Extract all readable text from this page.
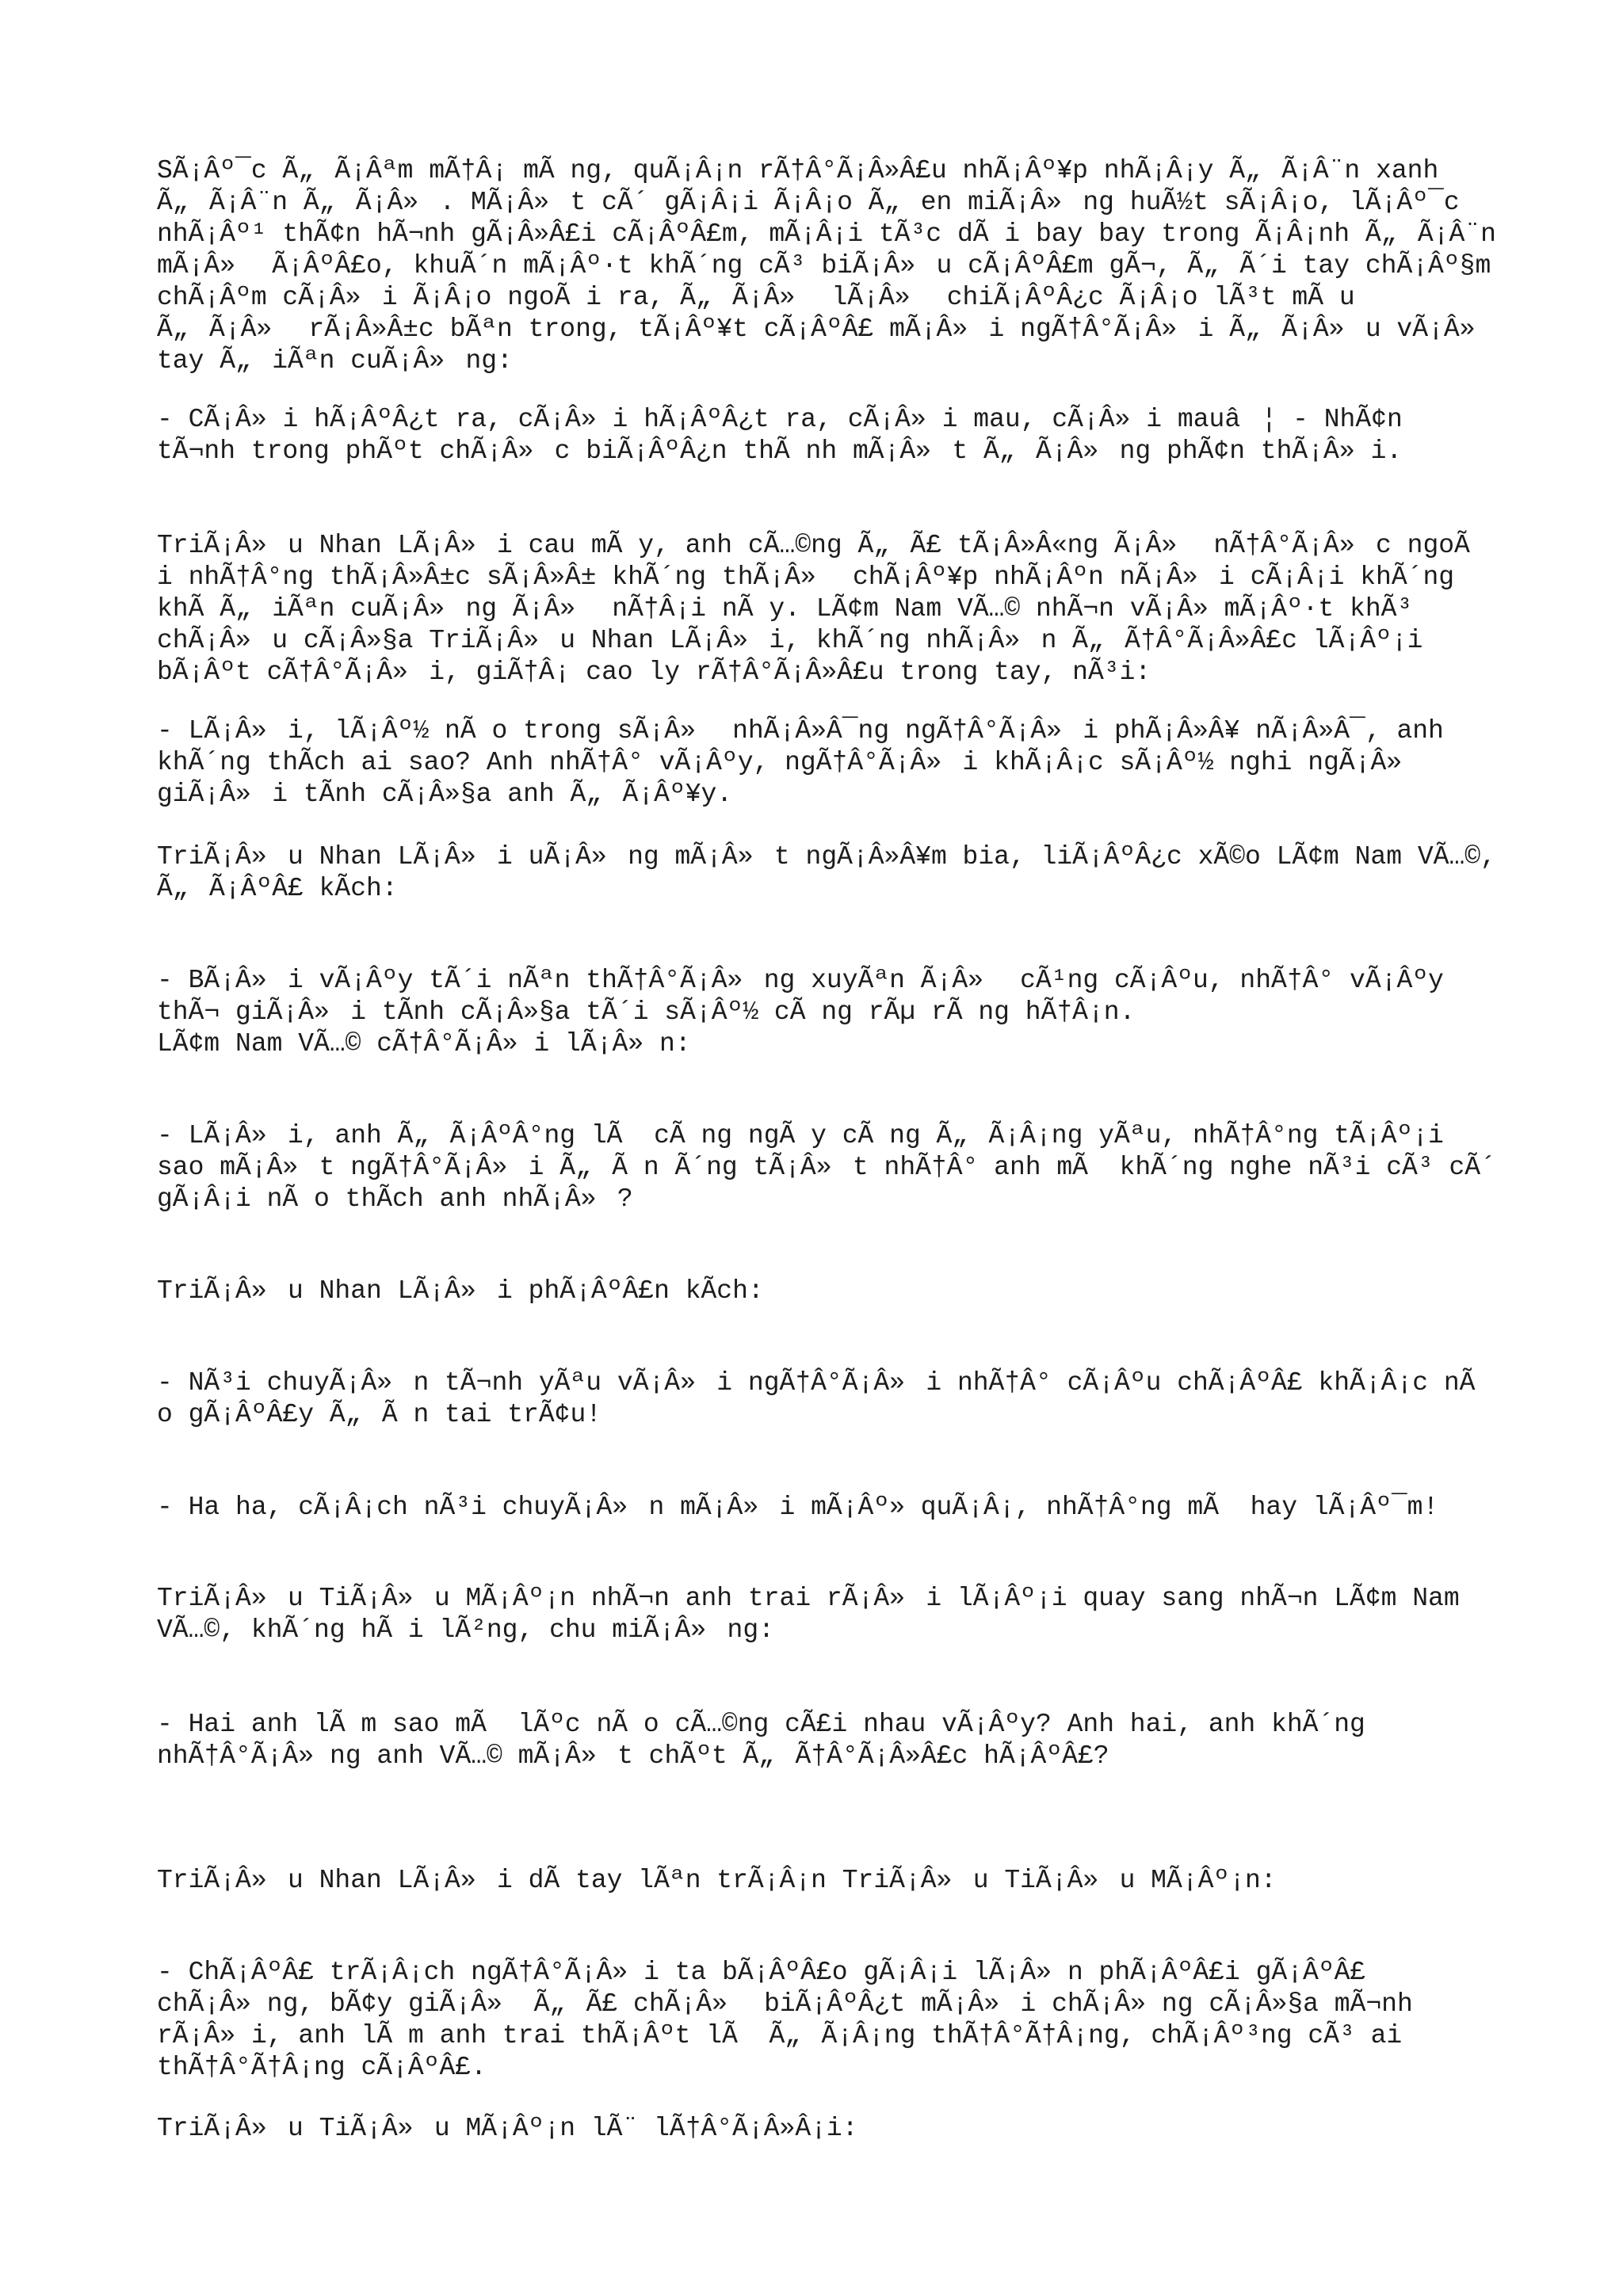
SÃ¡Âº¯c Ã„Ã¡Âªm mÃ†Â¡ mÃ ng, quÃ¡Â¡n rÃ†Â°Ã¡Â»Â£u nhÃ¡Âº¥p nhÃ¡Â¡y Ã„Ã¡Â¨n xanh Ã„Ã¡Â¨n Ã„Ã¡Â». MÃ¡Â»t cÃ´ gÃ¡Â¡i Ã¡Â¡o Ã„en miÃ¡Â»ng huÃ½t sÃ¡Â¡o, lÃ¡Âº¯c nhÃ¡Âº¹ thÃ¢n hÃ¬nh gÃ¡Â»Â£i cÃ¡ÂºÂ£m, mÃ¡Â¡i tÃ³c dÃ i bay bay trong Ã¡Â¡nh Ã„Ã¡Â¨n mÃ¡Â» Ã¡ÂºÂ£o, khuÃ´n mÃ¡Âº·t khÃ´ng cÃ³ biÃ¡Â»u cÃ¡ÂºÂ£m gÃ¬, Ã„Ã´i tay chÃ¡Âº§m chÃ¡Âºm cÃ¡Â»i Ã¡Â¡o ngoÃ i ra, Ã„Ã¡Â» lÃ¡Â» chiÃ¡ÂºÂ¿c Ã¡Â¡o lÃ³t mÃ u Ã„Ã¡Â» rÃ¡Â»Â±c bÃªn trong, tÃ¡Âº¥t cÃ¡ÂºÂ£ mÃ¡Â»i ngÃ†Â°Ã¡Â»i Ã„Ã¡Â»u vÃ¡Â» tay Ã„iÃªn cuÃ¡Â»ng:

- CÃ¡Â»i hÃ¡ÂºÂ¿t ra, cÃ¡Â»i hÃ¡ÂºÂ¿t ra, cÃ¡Â»i mau, cÃ¡Â»i mauâ¦ - NhÃ¢n tÃ¬nh trong phÃºt chÃ¡Â»c biÃ¡ÂºÂ¿n thÃ nh mÃ¡Â»t Ã„Ã¡Â»ng phÃ¢n thÃ¡Â»i.

TriÃ¡Â»u Nhan LÃ¡Â»i cau mÃ y, anh cÃ…©ng Ã„Ã£ tÃ¡Â»Â«ng Ã¡Â» nÃ†Â°Ã¡Â»c ngoÃ i nhÃ†Â°ng thÃ¡Â»Â±c sÃ¡Â»Â± khÃ´ng thÃ¡Â» chÃ¡Âº¥p nhÃ¡Âºn nÃ¡Â»i cÃ¡Â¡i khÃ´ng khÃ Ã„iÃªn cuÃ¡Â»ng Ã¡Â» nÃ†Â¡i nÃ y. LÃ¢m Nam VÃ…© nhÃ¬n vÃ¡Â» mÃ¡Âº·t khÃ³ chÃ¡Â»u cÃ¡Â»§a TriÃ¡Â»u Nhan LÃ¡Â»i, khÃ´ng nhÃ¡Â»n Ã„Ã†Â°Ã¡Â»Â£c lÃ¡Âº¡i bÃ¡Âºt cÃ†Â°Ã¡Â»i, giÃ†Â¡ cao ly rÃ†Â°Ã¡Â»Â£u trong tay, nÃ³i:

- LÃ¡Â»i, lÃ¡Âº½ nÃ o trong sÃ¡Â» nhÃ¡Â»Â¯ng ngÃ†Â°Ã¡Â»i phÃ¡Â»Â¥ nÃ¡Â»Â¯, anh khÃ´ng thÃch ai sao? Anh nhÃ†Â° vÃ¡Âºy, ngÃ†Â°Ã¡Â»i khÃ¡Â¡c sÃ¡Âº½ nghi ngÃ¡Â» giÃ¡Â»i tÃnh cÃ¡Â»§a anh Ã„Ã¡Âº¥y.

TriÃ¡Â»u Nhan LÃ¡Â»i uÃ¡Â»ng mÃ¡Â»t ngÃ¡Â»Â¥m bia, liÃ¡ÂºÂ¿c xÃ©o LÃ¢m Nam VÃ…©, Ã„Ã¡ÂºÂ£ kÃch:

- BÃ¡Â»i vÃ¡Âºy tÃ´i nÃªn thÃ†Â°Ã¡Â»ng xuyÃªn Ã¡Â» cÃ¹ng cÃ¡Âºu, nhÃ†Â° vÃ¡Âºy thÃ¬ giÃ¡Â»i tÃnh cÃ¡Â»§a tÃ´i sÃ¡Âº½ cÃ ng rÃµ rÃ ng hÃ†Â¡n.
LÃ¢m Nam VÃ…© cÃ†Â°Ã¡Â»i lÃ¡Â»n:

- LÃ¡Â»i, anh Ã„Ã¡ÂºÂ°ng lÃ  cÃ ng ngÃ y cÃ ng Ã„Ã¡Â¡ng yÃªu, nhÃ†Â°ng tÃ¡Âº¡i sao mÃ¡Â»t ngÃ†Â°Ã¡Â»i Ã„Ã n Ã´ng tÃ¡Â»t nhÃ†Â° anh mÃ  khÃ´ng nghe nÃ³i cÃ³ cÃ´ gÃ¡Â¡i nÃ o thÃch anh nhÃ¡Â»?

TriÃ¡Â»u Nhan LÃ¡Â»i phÃ¡ÂºÂ£n kÃch:

- NÃ³i chuyÃ¡Â»n tÃ¬nh yÃªu vÃ¡Â»i ngÃ†Â°Ã¡Â»i nhÃ†Â° cÃ¡Âºu chÃ¡ÂºÂ£ khÃ¡Â¡c nÃ o gÃ¡ÂºÂ£y Ã„Ã n tai trÃ¢u!

- Ha ha, cÃ¡Â¡ch nÃ³i chuyÃ¡Â»n mÃ¡Â»i mÃ¡Âº» quÃ¡Â¡, nhÃ†Â°ng mÃ  hay lÃ¡Âº¯m!

TriÃ¡Â»u TiÃ¡Â»u MÃ¡Âº¡n nhÃ¬n anh trai rÃ¡Â»i lÃ¡Âº¡i quay sang nhÃ¬n LÃ¢m Nam VÃ…©, khÃ´ng hÃ i lÃ²ng, chu miÃ¡Â»ng:

- Hai anh lÃ m sao mÃ  lÃºc nÃ o cÃ…©ng cÃ£i nhau vÃ¡Âºy? Anh hai, anh khÃ´ng nhÃ†Â°Ã¡Â»ng anh VÃ…© mÃ¡Â»t chÃºt Ã„Ã†Â°Ã¡Â»Â£c hÃ¡ÂºÂ£?

TriÃ¡Â»u Nhan LÃ¡Â»i dÃ tay lÃªn trÃ¡Â¡n TriÃ¡Â»u TiÃ¡Â»u MÃ¡Âº¡n:

- ChÃ¡ÂºÂ£ trÃ¡Â¡ch ngÃ†Â°Ã¡Â»i ta bÃ¡ÂºÂ£o gÃ¡Â¡i lÃ¡Â»n phÃ¡ÂºÂ£i gÃ¡ÂºÂ£ chÃ¡Â»ng, bÃ¢y giÃ¡Â» Ã„Ã£ chÃ¡Â» biÃ¡ÂºÂ¿t mÃ¡Â»i chÃ¡Â»ng cÃ¡Â»§a mÃ¬nh rÃ¡Â»i, anh lÃ m anh trai thÃ¡Âºt lÃ  Ã„Ã¡Â¡ng thÃ†Â°Ã†Â¡ng, chÃ¡Âº³ng cÃ³ ai thÃ†Â°Ã†Â¡ng cÃ¡ÂºÂ£.

TriÃ¡Â»u TiÃ¡Â»u MÃ¡Âº¡n lÃ¨ lÃ†Â°Ã¡Â»Â¡i:
